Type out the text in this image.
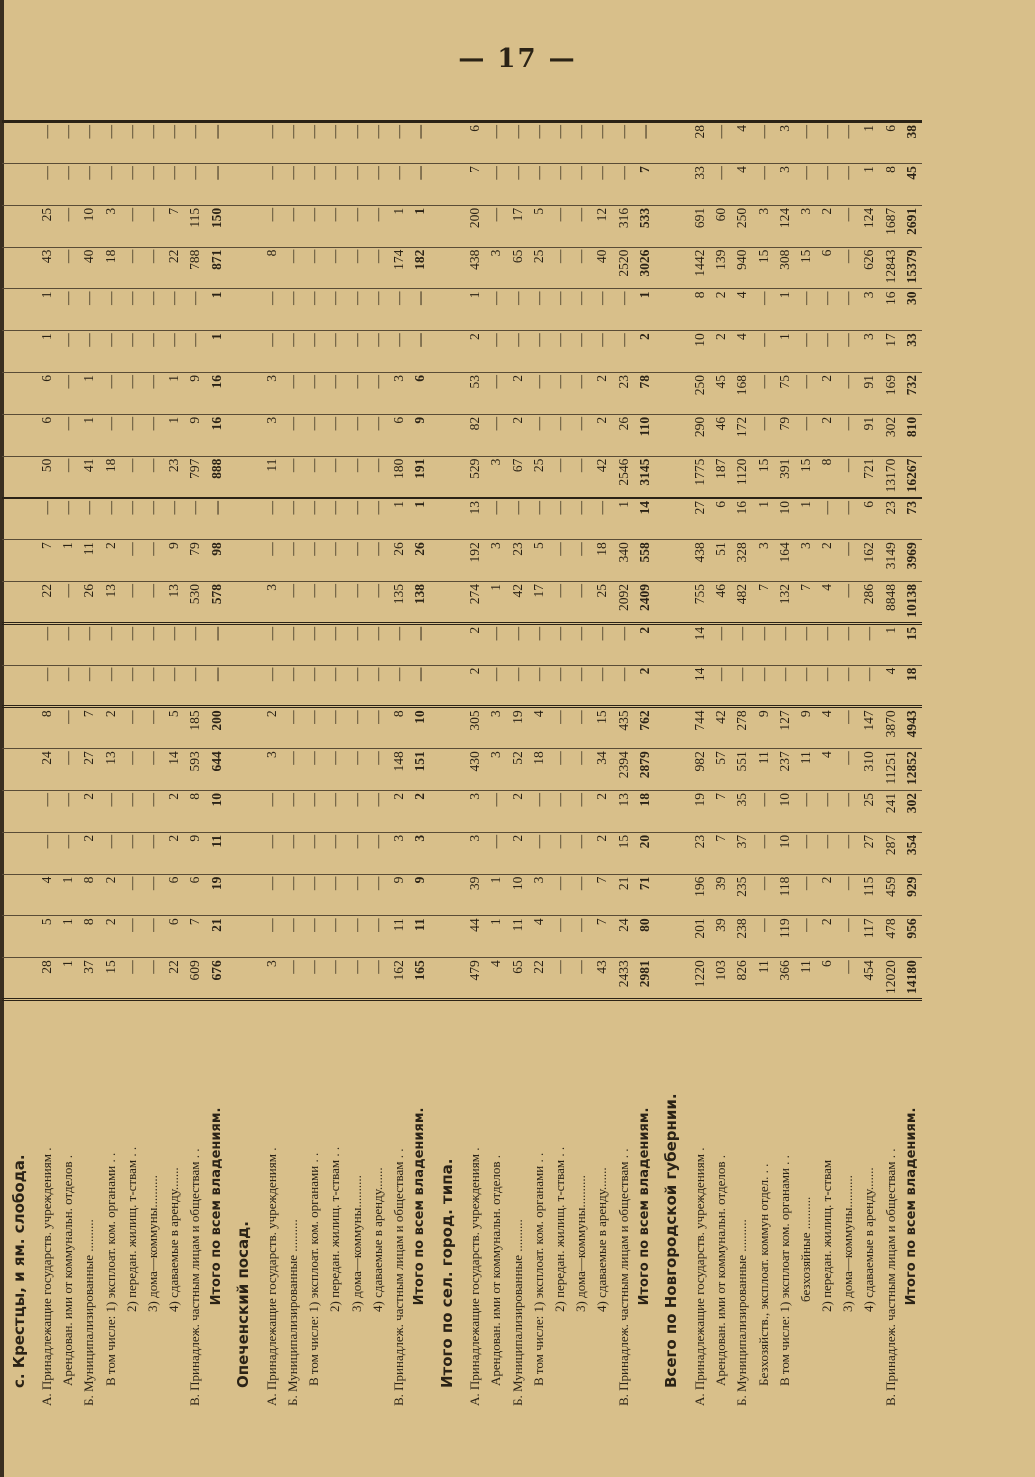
— 17 —
с. Крестцы, и ям. слобода.																					
А. Принадлежащие государств. учреждениям .	28	5	4	—	—	24	8	—	—	22	7	—	50	6	6	1	1	43	25	—	—
Арендован. ими от коммунальн. отделов .	1	1	1	—	—	—	—	—	—	—	1	—	—	—	—	—	—	—	—	—	—
Б. Муниципализированные ..........	37	8	8	2	2	27	7	—	—	26	11	—	41	1	1	—	—	40	10	—	—
В том числе: 1) эксплоат. ком. органами . .	15	2	2	—	—	13	2	—	—	13	2	—	18	—	—	—	—	18	3	—	—
2) передан. жилищ. т-ствам . .	—	—	—	—	—	—	—	—	—	—	—	—	—	—	—	—	—	—	—	—	—
3) дома—коммуны..........	—	—	—	—	—	—	—	—	—	—	—	—	—	—	—	—	—	—	—	—	—
4) сдаваемые в аренду.......	22	6	6	2	2	14	5	—	—	13	9	—	23	1	1	—	—	22	7	—	—
В. Принадлеж. частным лицам и обществам . .	609	7	6	9	8	593	185	—	—	530	79	—	797	9	9	—	—	788	115	—	—
Итого по всем владениям.	676	21	19	11	10	644	200	—	—	578	98	—	888	16	16	1	1	871	150	—	—
Опеченский посад.																					
А. Принадлежащие государств. учреждениям .	3	—	—	—	—	3	2	—	—	3	—	—	11	3	3	—	—	8	—	—	—
Б. Муниципализированные ..........	—	—	—	—	—	—	—	—	—	—	—	—	—	—	—	—	—	—	—	—	—
В том числе: 1) эксплоат. ком. органами . .	—	—	—	—	—	—	—	—	—	—	—	—	—	—	—	—	—	—	—	—	—
2) передан. жилищ. т-ствам . .	—	—	—	—	—	—	—	—	—	—	—	—	—	—	—	—	—	—	—	—	—
3) дома—коммуны..........	—	—	—	—	—	—	—	—	—	—	—	—	—	—	—	—	—	—	—	—	—
4) сдаваемые в аренду.......	—	—	—	—	—	—	—	—	—	—	—	—	—	—	—	—	—	—	—	—	—
В. Принадлеж. частным лицам и обществам . .	162	11	9	3	2	148	8	—	—	135	26	1	180	6	3	—	—	174	1	—	—
Итого по всем владениям.	165	11	9	3	2	151	10	—	—	138	26	1	191	9	6	—	—	182	1	—	—
Итого по сел. город. типа.																					
А. Принадлежащие государств. учреждениям .	479	44	39	3	3	430	305	2	2	274	192	13	529	82	53	2	1	438	200	7	6
Арендован. ими от коммунальн. отделов .	4	1	1	—	—	3	3	—	—	1	3	—	3	—	—	—	—	3	—	—	—
Б. Муниципализированные ..........	65	11	10	2	2	52	19	—	—	42	23	—	67	2	2	—	—	65	17	—	—
В том числе: 1) эксплоат. ком. органами . .	22	4	3	—	—	18	4	—	—	17	5	—	25	—	—	—	—	25	5	—	—
2) передан. жилищ. т-ствам . .	—	—	—	—	—	—	—	—	—	—	—	—	—	—	—	—	—	—	—	—	—
3) дома—коммуны..........	—	—	—	—	—	—	—	—	—	—	—	—	—	—	—	—	—	—	—	—	—
4) сдаваемые в аренду.......	43	7	7	2	2	34	15	—	—	25	18	—	42	2	2	—	—	40	12	—	—
В. Принадлеж. частным лицам и обществам . .	2433	24	21	15	13	2394	435	—	—	2092	340	1	2546	26	23	—	—	2520	316	—	—
Итого по всем владениям.	2981	80	71	20	18	2879	762	2	2	2409	558	14	3145	110	78	2	1	3026	533	7	—
Всего по Новгородской губернии.																					
А. Принадлежащие государств. учреждениям .	1220	201	196	23	19	982	744	14	14	755	438	27	1775	290	250	10	8	1442	691	33	28
Арендован. ими от коммунальн. отделов .	103	39	39	7	7	57	42	—	—	46	51	6	187	46	45	2	2	139	60	—	—
Б. Муниципализированные ..........	826	238	235	37	35	551	278	—	—	482	328	16	1120	172	168	4	4	940	250	4	4
Безхозяйств., эксплоат. коммун отдел. . .	11	—	—	—	—	11	9	—	—	7	3	1	15	—	—	—	—	15	3	—	—
В том числе: 1) эксплоат ком. органами . .	366	119	118	10	10	237	127	—	—	132	164	10	391	79	75	1	1	308	124	3	3
безхозяйные ..........	11	—	—	—	—	11	9	—	—	7	3	1	15	—	—	—	—	15	3	—	—
2) передан. жилищ. т-ствам	6	2	2	—	—	4	4	—	—	4	2	—	8	2	2	—	—	6	2	—	—
3) дома—коммуны..........	—	—	—	—	—	—	—	—	—	—	—	—	—	—	—	—	—	—	—	—	—
4) сдаваемые в аренду.......	454	117	115	27	25	310	147	—	—	286	162	6	721	91	91	3	3	626	124	1	1
В. Принадлеж. частным лицам и обществам . .	12020	478	459	287	241	11251	3870	4	1	8848	3149	23	13170	302	169	17	16	12843	1687	8	6
Итого по всем владениям.	14180	956	929	354	302	12852	4943	18	15	10138	3969	73	16267	810	732	33	30	15379	2691	45	38
